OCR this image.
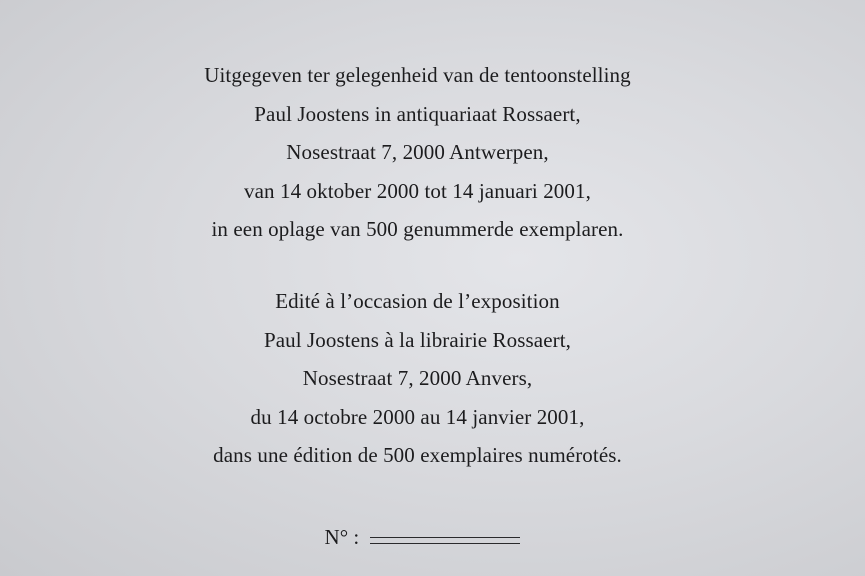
Uitgegeven ter gelegenheid van de tentoonstelling
Paul Joostens in antiquariaat Rossaert,
Nosestraat 7, 2000 Antwerpen,
van 14 oktober 2000 tot 14 januari 2001,
in een oplage van 500 genummerde exemplaren.
Edité à l’occasion de l’exposition
Paul Joostens à la librairie Rossaert,
Nosestraat 7, 2000 Anvers,
du 14 octobre 2000 au 14 janvier 2001,
dans une édition de 500 exemplaires numérotés.
N° :
